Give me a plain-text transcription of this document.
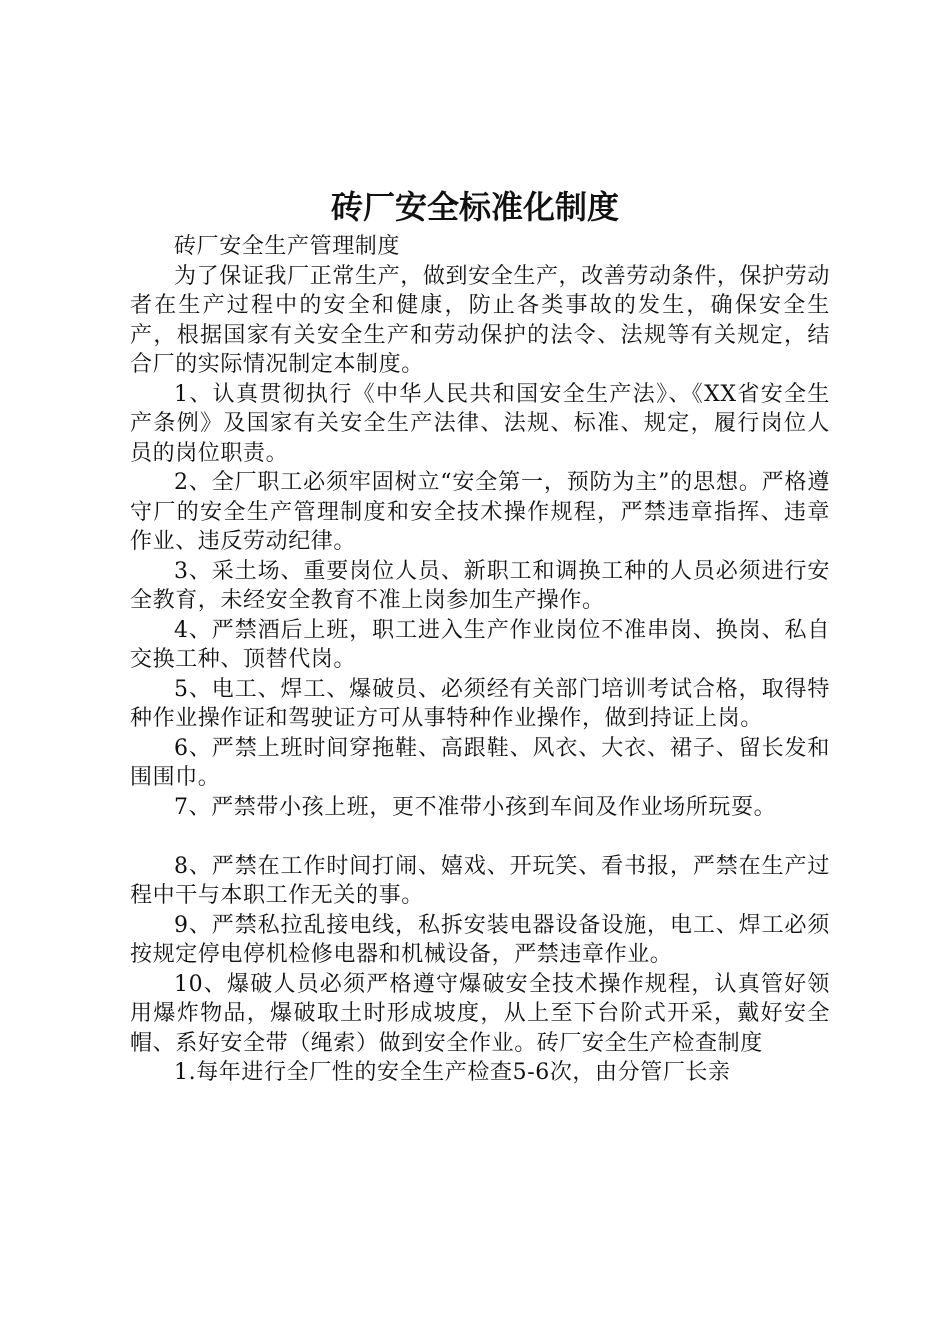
砖厂安全标准化制度

砖厂安全生产管理制度

为了保证我厂正常生产，做到安全生产，改善劳动条件，保护劳动者在生产过程中的安全和健康，防止各类事故的发生，确保安全生产，根据国家有关安全生产和劳动保护的法令、法规等有关规定，结合厂的实际情况制定本制度。

1、认真贯彻执行《中华人民共和国安全生产法》、《XX省安全生产条例》及国家有关安全生产法律、法规、标准、规定，履行岗位人员的岗位职责。

2、全厂职工必须牢固树立“安全第一，预防为主”的思想。严格遵守厂的安全生产管理制度和安全技术操作规程，严禁违章指挥、违章作业、违反劳动纪律。

3、采土场、重要岗位人员、新职工和调换工种的人员必须进行安全教育，未经安全教育不准上岗参加生产操作。

4、严禁酒后上班，职工进入生产作业岗位不准串岗、换岗、私自交换工种、顶替代岗。

5、电工、焊工、爆破员、必须经有关部门培训考试合格，取得特种作业操作证和驾驶证方可从事特种作业操作，做到持证上岗。

6、严禁上班时间穿拖鞋、高跟鞋、风衣、大衣、裙子、留长发和围围巾。

7、严禁带小孩上班，更不准带小孩到车间及作业场所玩耍。

8、严禁在工作时间打闹、嬉戏、开玩笑、看书报，严禁在生产过程中干与本职工作无关的事。

9、严禁私拉乱接电线，私拆安装电器设备设施，电工、焊工必须按规定停电停机检修电器和机械设备，严禁违章作业。

10、爆破人员必须严格遵守爆破安全技术操作规程，认真管好领用爆炸物品，爆破取土时形成坡度，从上至下台阶式开采，戴好安全帽、系好安全带（绳索）做到安全作业。砖厂安全生产检查制度

1.每年进行全厂性的安全生产检查5-6次，由分管厂长亲
